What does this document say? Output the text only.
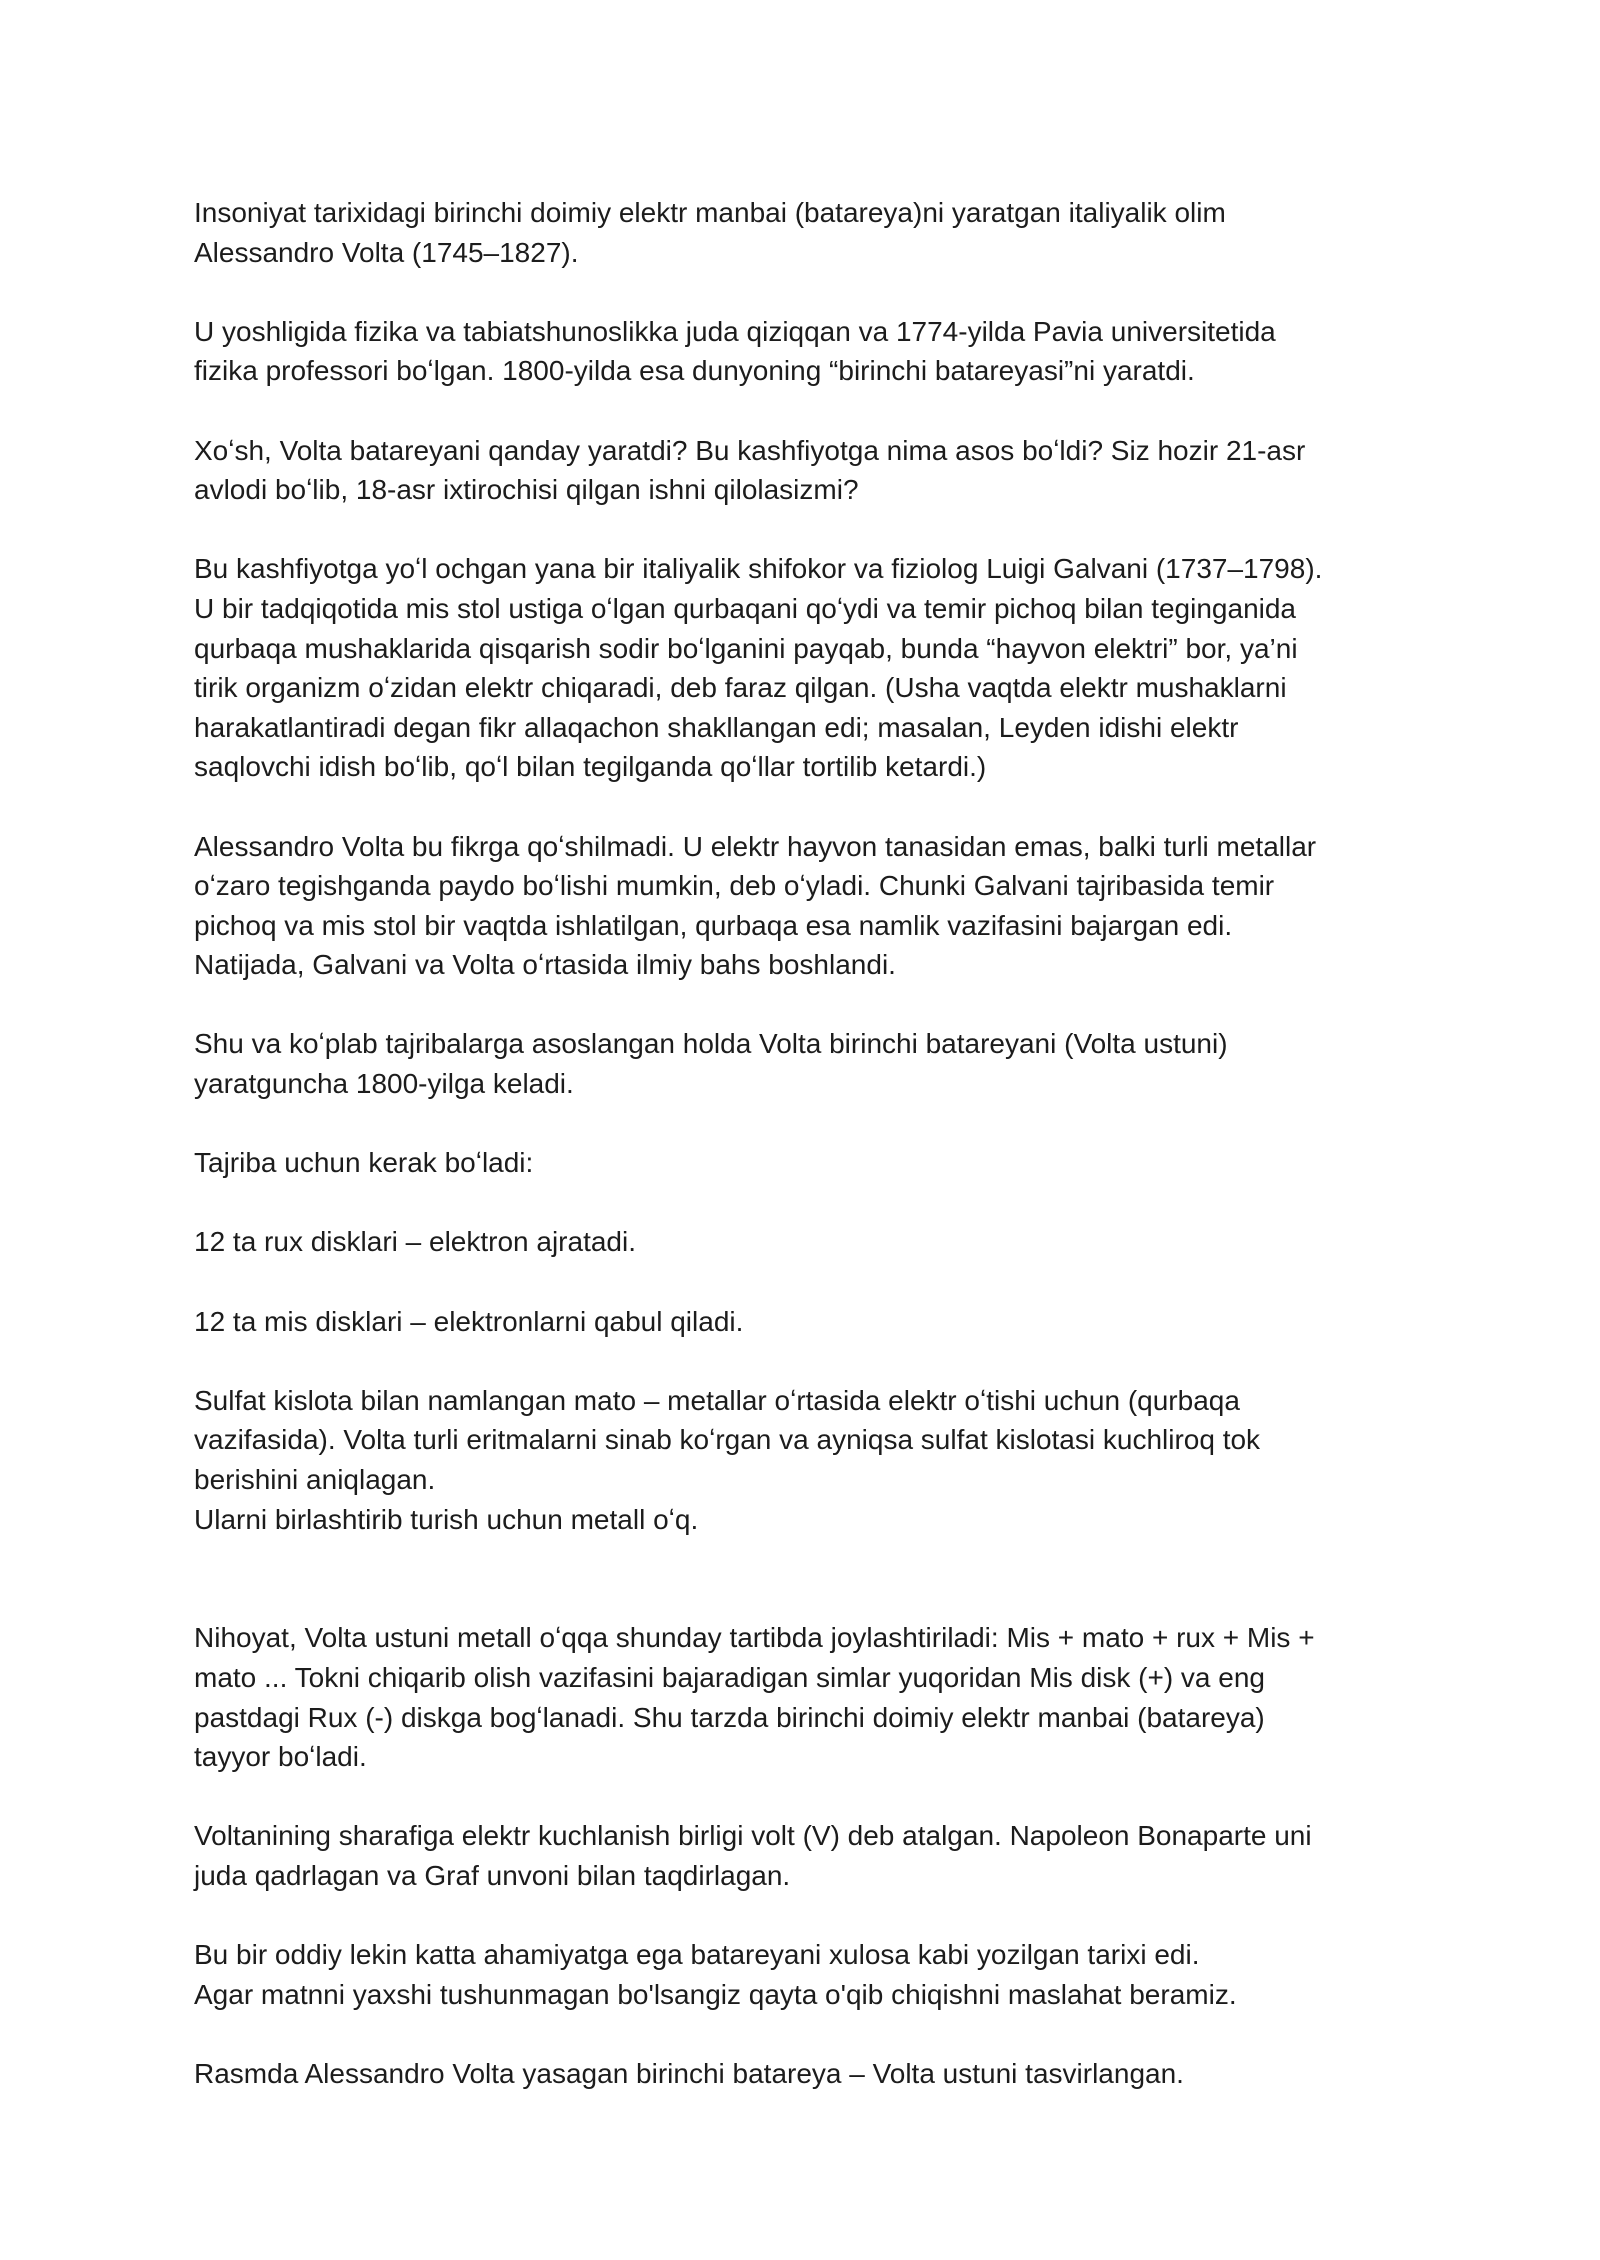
Insoniyat tarixidagi birinchi doimiy elektr manbai (batareya)ni yaratgan italiyalik olim
Alessandro Volta (1745–1827).

U yoshligida fizika va tabiatshunoslikka juda qiziqqan va 1774-yilda Pavia universitetida
fizika professori boʻlgan. 1800-yilda esa dunyoning “birinchi batareyasi”ni yaratdi.

Xoʻsh, Volta batareyani qanday yaratdi? Bu kashfiyotga nima asos boʻldi? Siz hozir 21-asr
avlodi boʻlib, 18-asr ixtirochisi qilgan ishni qilolasizmi?

Bu kashfiyotga yoʻl ochgan yana bir italiyalik shifokor va fiziolog Luigi Galvani (1737–1798).
U bir tadqiqotida mis stol ustiga oʻlgan qurbaqani qoʻydi va temir pichoq bilan teginganida
qurbaqa mushaklarida qisqarish sodir boʻlganini payqab, bunda “hayvon elektri” bor, ya’ni
tirik organizm oʻzidan elektr chiqaradi, deb faraz qilgan. (Usha vaqtda elektr mushaklarni
harakatlantiradi degan fikr allaqachon shakllangan edi; masalan, Leyden idishi elektr
saqlovchi idish boʻlib, qoʻl bilan tegilganda qoʻllar tortilib ketardi.)

Alessandro Volta bu fikrga qoʻshilmadi. U elektr hayvon tanasidan emas, balki turli metallar
oʻzaro tegishganda paydo boʻlishi mumkin, deb oʻyladi. Chunki Galvani tajribasida temir
pichoq va mis stol bir vaqtda ishlatilgan, qurbaqa esa namlik vazifasini bajargan edi.
Natijada, Galvani va Volta oʻrtasida ilmiy bahs boshlandi.

Shu va koʻplab tajribalarga asoslangan holda Volta birinchi batareyani (Volta ustuni)
yaratguncha 1800-yilga keladi.

Tajriba uchun kerak boʻladi:

12 ta rux disklari – elektron ajratadi.

12 ta mis disklari – elektronlarni qabul qiladi.

Sulfat kislota bilan namlangan mato – metallar oʻrtasida elektr oʻtishi uchun (qurbaqa
vazifasida). Volta turli eritmalarni sinab koʻrgan va ayniqsa sulfat kislotasi kuchliroq tok
berishini aniqlagan.
Ularni birlashtirib turish uchun metall oʻq.

Nihoyat, Volta ustuni metall oʻqqa shunday tartibda joylashtiriladi: Mis + mato + rux + Mis +
mato ... Tokni chiqarib olish vazifasini bajaradigan simlar yuqoridan Mis disk (+) va eng
pastdagi Rux (-) diskga bogʻlanadi. Shu tarzda birinchi doimiy elektr manbai (batareya)
tayyor boʻladi.

Voltanining sharafiga elektr kuchlanish birligi volt (V) deb atalgan. Napoleon Bonaparte uni
juda qadrlagan va Graf unvoni bilan taqdirlagan.

Bu bir oddiy lekin katta ahamiyatga ega batareyani xulosa kabi yozilgan tarixi edi.
Agar matnni yaxshi tushunmagan bo'lsangiz qayta o'qib chiqishni maslahat beramiz.

Rasmda Alessandro Volta yasagan birinchi batareya – Volta ustuni tasvirlangan.
